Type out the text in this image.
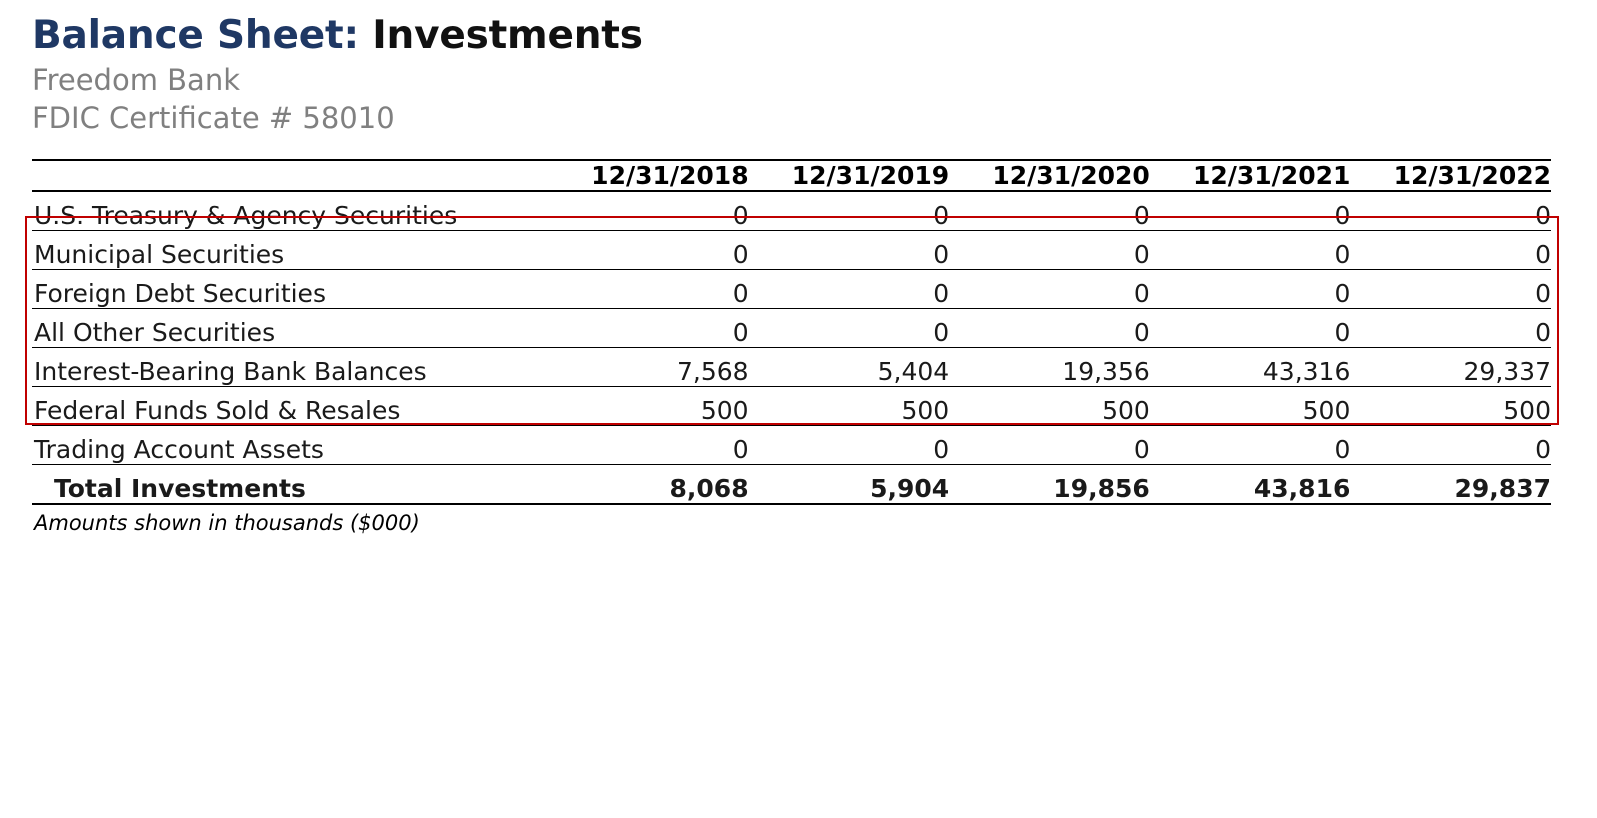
Balance Sheet: Investments
Freedom Bank
FDIC Certificate # 58010
	12/31/2018	12/31/2019	12/31/2020	12/31/2021	12/31/2022
U.S. Treasury & Agency Securities	0	0	0	0	0
Municipal Securities	0	0	0	0	0
Foreign Debt Securities	0	0	0	0	0
All Other Securities	0	0	0	0	0
Interest-Bearing Bank Balances	7,568	5,404	19,356	43,316	29,337
Federal Funds Sold & Resales	500	500	500	500	500
Trading Account Assets	0	0	0	0	0
Total Investments	8,068	5,904	19,856	43,816	29,837
Amounts shown in thousands ($000)
